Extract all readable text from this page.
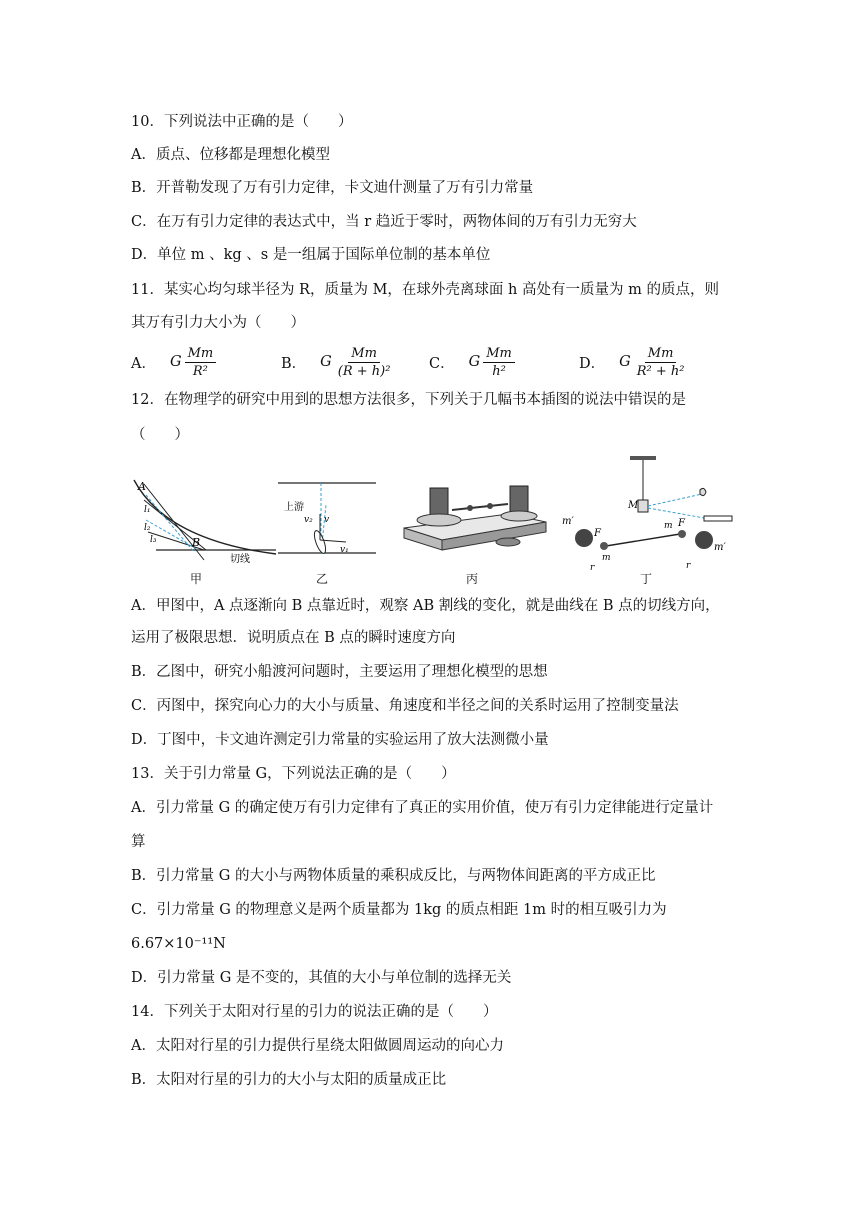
10．下列说法中正确的是（　　）
A．质点、位移都是理想化模型
B．开普勒发现了万有引力定律，卡文迪什测量了万有引力常量
C．在万有引力定律的表达式中，当 r 趋近于零时，两物体间的万有引力无穷大
D．单位 m 、kg 、s 是一组属于国际单位制的基本单位
11．某实心均匀球半径为 R，质量为 M，在球外壳离球面 h 高处有一质量为 m 的质点，则
其万有引力大小为（　　）
A． G $\frac{Mm}{\text{R²}}$	B． G $\frac{Mm}{\text{(R + h)²}}$ C． G $\frac{Mm}{\text{h²}}$	D． G $\frac{Mm}{\text{R² + h²}}$
12．在物理学的研究中用到的思想方法很多，下列关于几幅书本插图的说法中错误的是
（　　）
A
l₁
l₂
l₃	B
切线
甲
上游
v₂ v
v₁
乙	丙
m′
F
m
r
M
m F
m′
r
丁
A．甲图中，A 点逐渐向 B 点靠近时，观察 AB 割线的变化，就是曲线在 B 点的切线方向，
运用了极限思想．说明质点在 B 点的瞬时速度方向
B．乙图中，研究小船渡河问题时，主要运用了理想化模型的思想
C．丙图中，探究向心力的大小与质量、角速度和半径之间的关系时运用了控制变量法
D．丁图中，卡文迪许测定引力常量的实验运用了放大法测微小量
13．关于引力常量 G，下列说法正确的是（　　）
A．引力常量 G 的确定使万有引力定律有了真正的实用价值，使万有引力定律能进行定量计
算
B．引力常量 G 的大小与两物体质量的乘积成反比，与两物体间距离的平方成正比
C．引力常量 G 的物理意义是两个质量都为 1kg 的质点相距 1m 时的相互吸引力为
6.67×10⁻¹¹N
D．引力常量 G 是不变的，其值的大小与单位制的选择无关
14．下列关于太阳对行星的引力的说法正确的是（　　）
A．太阳对行星的引力提供行星绕太阳做圆周运动的向心力
B．太阳对行星的引力的大小与太阳的质量成正比
